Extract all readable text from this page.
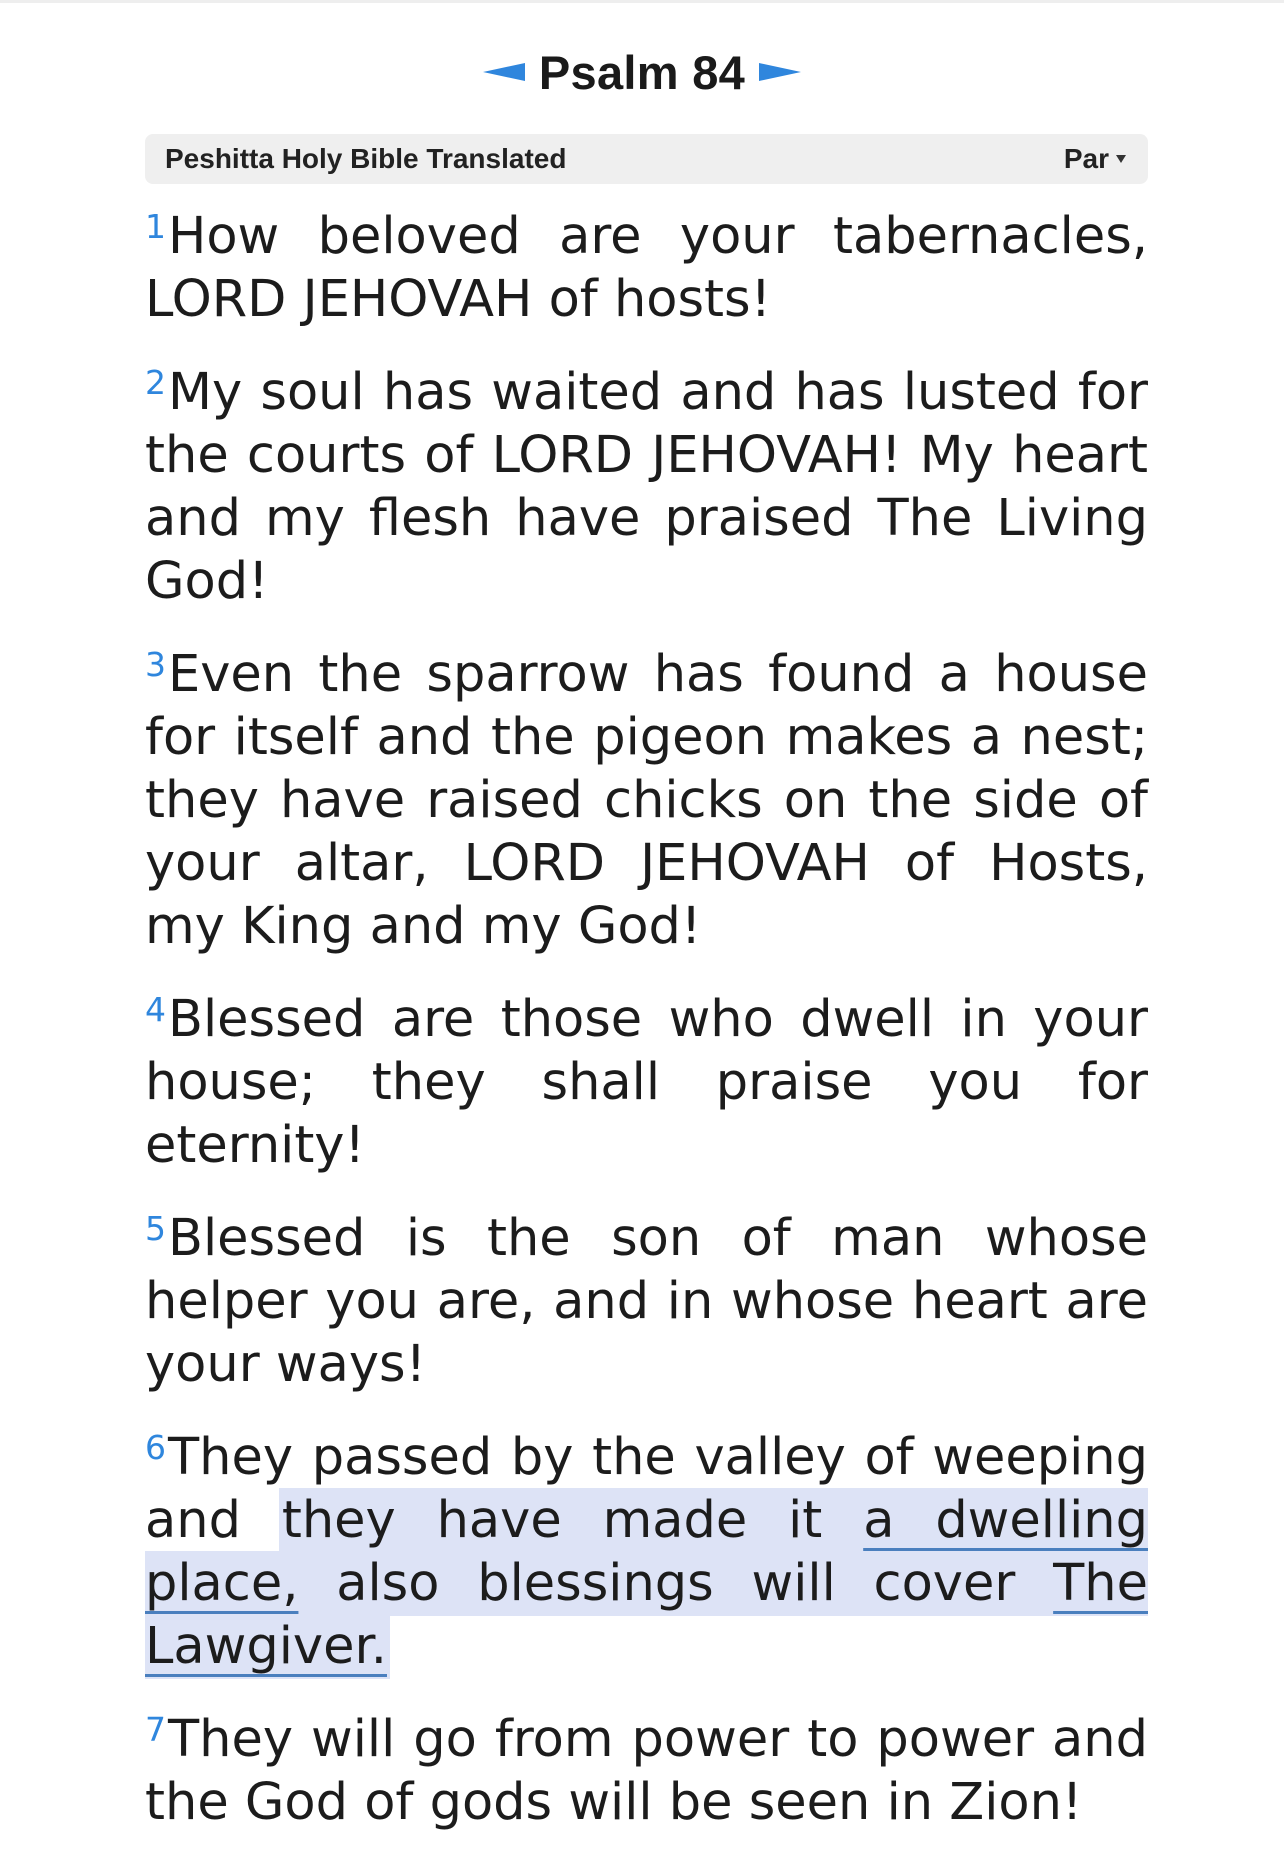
Psalm 84
Peshitta Holy Bible Translated	Par

$^1$How beloved are your tabernacles, LORD JEHOVAH of hosts!

$^2$My soul has waited and has lusted for the courts of LORD JEHOVAH! My heart and my flesh have praised The Living God!

$^3$Even the sparrow has found a house for itself and the pigeon makes a nest; they have raised chicks on the side of your altar, LORD JEHOVAH of Hosts, my King and my God!

$^4$Blessed are those who dwell in your house; they shall praise you for eternity!

$^5$Blessed is the son of man whose helper you are, and in whose heart are your ways!

$^6$They passed by the valley of weeping and they have made it a dwelling place, also blessings will cover The Lawgiver.

$^7$They will go from power to power and the God of gods will be seen in Zion!
